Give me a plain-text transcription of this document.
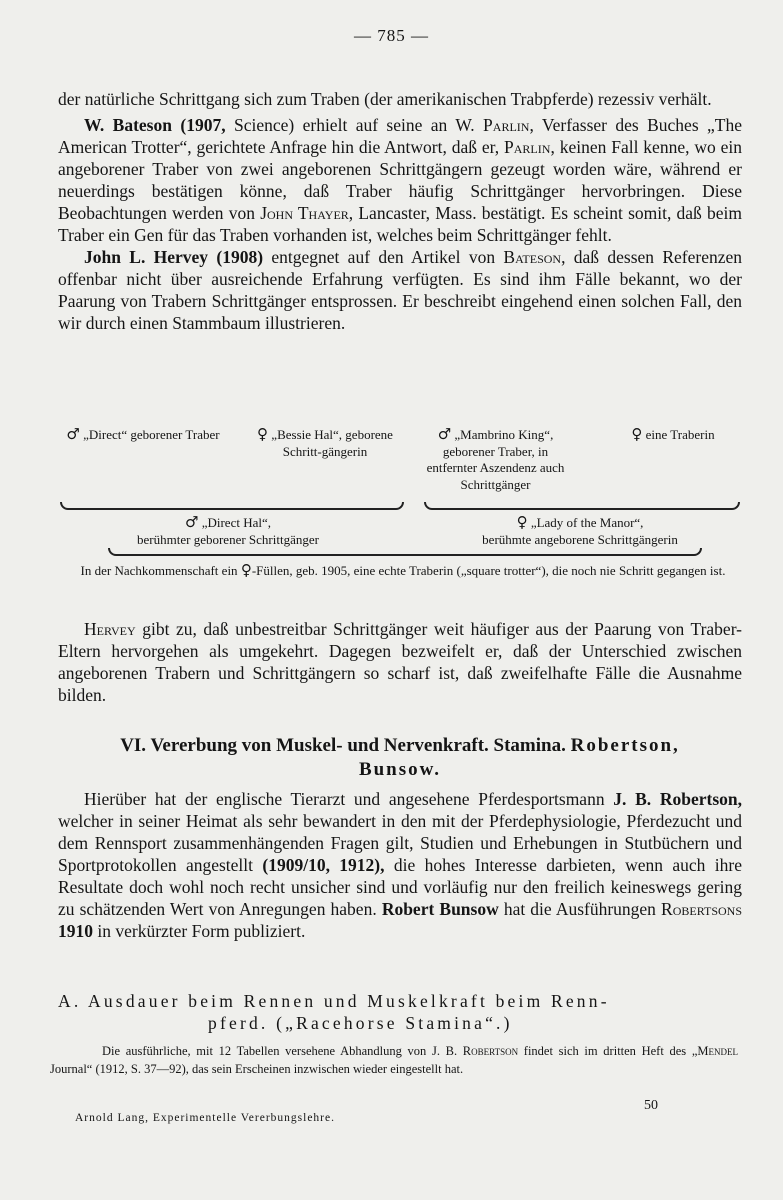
— 785 —

der natürliche Schrittgang sich zum Traben (der amerikanischen Trabpferde) rezessiv verhält.

W. Bateson (1907, Science) erhielt auf seine an W. Parlin, Verfasser des Buches „The American Trotter“, gerichtete Anfrage hin die Antwort, daß er, Parlin, keinen Fall kenne, wo ein angeborener Traber von zwei angeborenen Schrittgängern gezeugt worden wäre, während er neuerdings bestätigen könne, daß Traber häufig Schrittgänger hervorbringen. Diese Beobachtungen werden von John Thayer, Lancaster, Mass. bestätigt. Es scheint somit, daß beim Traber ein Gen für das Traben vorhanden ist, welches beim Schrittgänger fehlt.

John L. Hervey (1908) entgegnet auf den Artikel von Bateson, daß dessen Referenzen offenbar nicht über ausreichende Erfahrung verfügten. Es sind ihm Fälle bekannt, wo der Paarung von Trabern Schrittgänger entsprossen. Er beschreibt eingehend einen solchen Fall, den wir durch einen Stammbaum illustrieren.

♂ „Direct“ geborener Traber	♀ „Bessie Hal“, geborene Schritt-gängerin
♂ „Mambrino King“, geborener Traber, in entfernter Aszendenz auch Schrittgänger
♀ eine Traberin
♂ „Direct Hal“,
berühmter geborener Schrittgänger
♀ „Lady of the Manor“,
berühmte angeborene Schrittgängerin
In der Nachkommenschaft ein ♀-Füllen, geb. 1905, eine echte Traberin („square trotter“), die noch nie Schritt gegangen ist.

Hervey gibt zu, daß unbestreitbar Schrittgänger weit häufiger aus der Paarung von Traber-Eltern hervorgehen als umgekehrt. Dagegen bezweifelt er, daß der Unterschied zwischen angeborenen Trabern und Schrittgängern so scharf ist, daß zweifelhafte Fälle die Ausnahme bilden.

VI. Vererbung von Muskel- und Nervenkraft. Stamina. Robertson,
Bunsow.

Hierüber hat der englische Tierarzt und angesehene Pferdesportsmann J. B. Robertson, welcher in seiner Heimat als sehr bewandert in den mit der Pferdephysiologie, Pferdezucht und dem Rennsport zusammenhängenden Fragen gilt, Studien und Erhebungen in Stutbüchern und Sportprotokollen angestellt (1909/10, 1912), die hohes Interesse darbieten, wenn auch ihre Resultate doch wohl noch recht unsicher sind und vorläufig nur den freilich keineswegs gering zu schätzenden Wert von Anregungen haben. Robert Bunsow hat die Ausführungen Robertsons 1910 in verkürzter Form publiziert.

A. Ausdauer beim Rennen und Muskelkraft beim Renn-
pferd. („Racehorse Stamina“.)

Die ausführliche, mit 12 Tabellen versehene Abhandlung von J. B. Robertson findet sich im dritten Heft des „Mendel Journal“ (1912, S. 37—92), das sein Erscheinen inzwischen wieder eingestellt hat.

50
Arnold Lang, Experimentelle Vererbungslehre.
